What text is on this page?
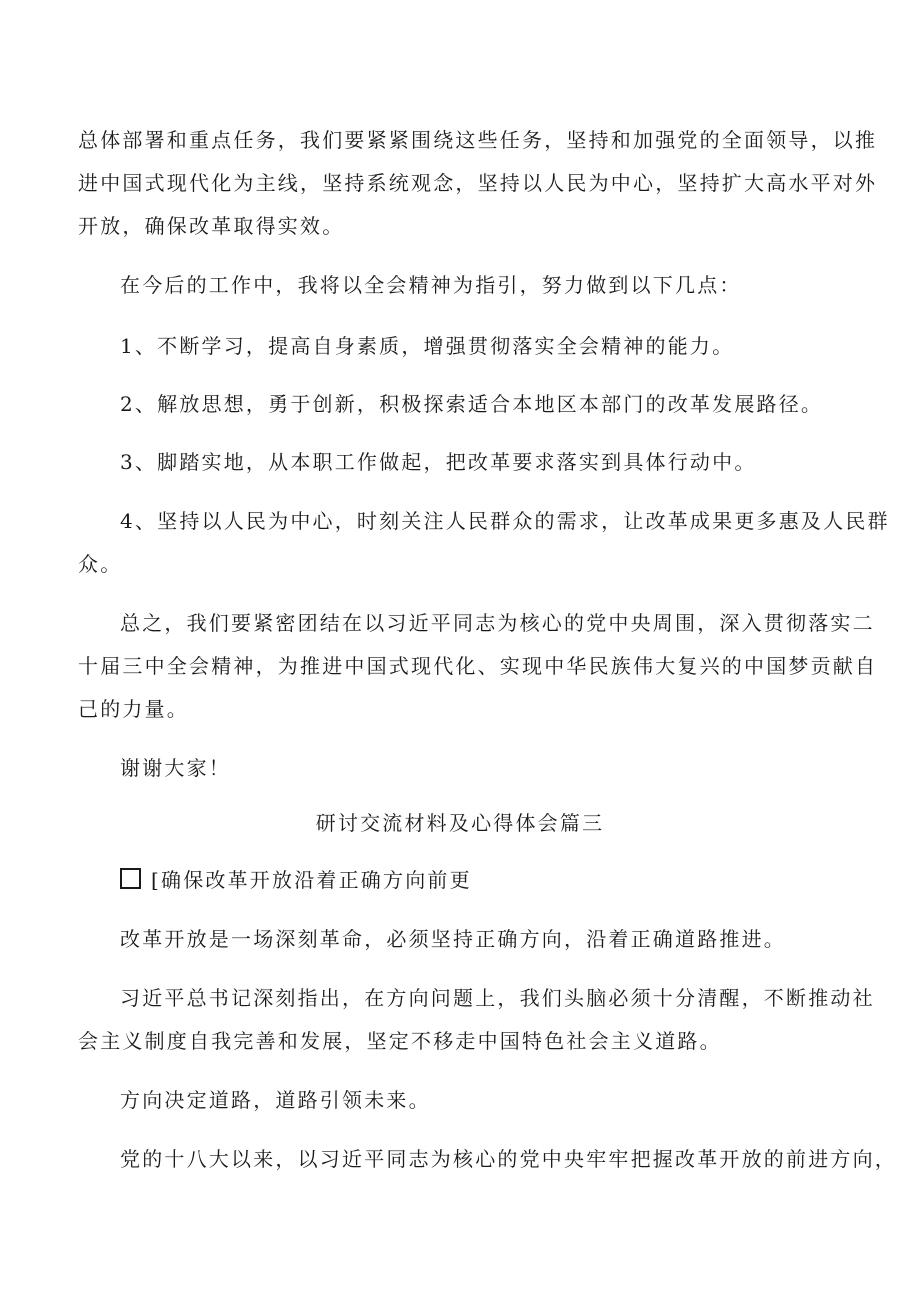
总体部署和重点任务，我们要紧紧围绕这些任务，坚持和加强党的全面领导，以推
进中国式现代化为主线，坚持系统观念，坚持以人民为中心，坚持扩大高水平对外
开放，确保改革取得实效。
在今后的工作中，我将以全会精神为指引，努力做到以下几点：
1、不断学习，提高自身素质，增强贯彻落实全会精神的能力。
2、解放思想，勇于创新，积极探索适合本地区本部门的改革发展路径。
3、脚踏实地，从本职工作做起，把改革要求落实到具体行动中。
4、坚持以人民为中心，时刻关注人民群众的需求，让改革成果更多惠及人民群
众。
总之，我们要紧密团结在以习近平同志为核心的党中央周围，深入贯彻落实二
十届三中全会精神，为推进中国式现代化、实现中华民族伟大复兴的中国梦贡献自
己的力量。
谢谢大家！
研讨交流材料及心得体会篇三
[确保改革开放沿着正确方向前更
改革开放是一场深刻革命，必须坚持正确方向，沿着正确道路推进。
习近平总书记深刻指出，在方向问题上，我们头脑必须十分清醒，不断推动社
会主义制度自我完善和发展，坚定不移走中国特色社会主义道路。
方向决定道路，道路引领未来。
党的十八大以来，以习近平同志为核心的党中央牢牢把握改革开放的前进方向，
